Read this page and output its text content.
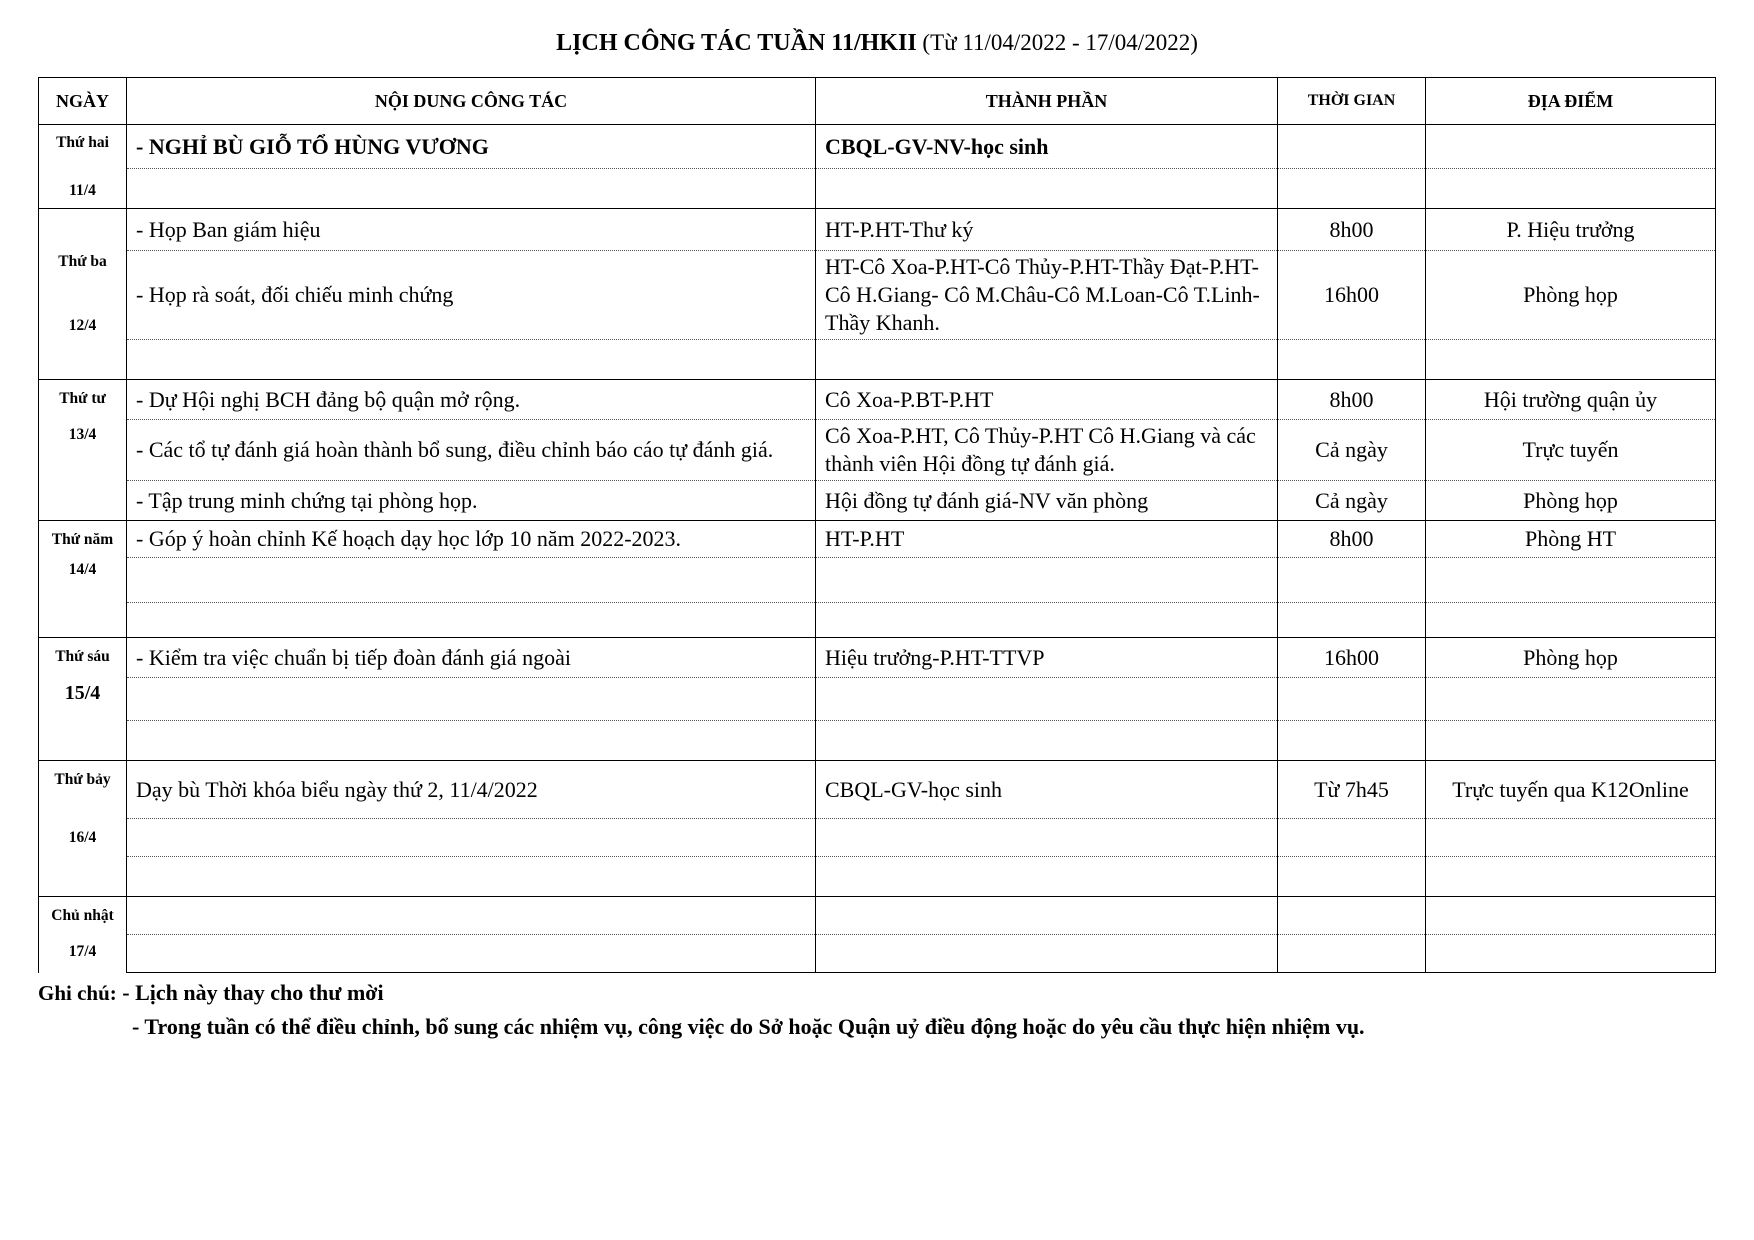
LỊCH CÔNG TÁC TUẦN 11/HKII (Từ 11/04/2022 - 17/04/2022)
NGÀY	NỘI DUNG CÔNG TÁC	THÀNH PHẦN	THỜI GIAN	ĐỊA ĐIỂM

Thứ hai
11/4	- NGHỈ BÙ GIỖ TỔ HÙNG VƯƠNG	CBQL-GV-NV-học sinh		

Thứ ba
12/4	- Họp Ban giám hiệu	HT-P.HT-Thư ký	8h00	P. Hiệu trưởng
	- Họp rà soát, đối chiếu minh chứng	HT-Cô Xoa-P.HT-Cô Thủy-P.HT-Thầy Đạt-P.HT-Cô H.Giang- Cô M.Châu-Cô M.Loan-Cô T.Linh-Thầy Khanh.	16h00	Phòng họp

Thứ tư
13/4	- Dự Hội nghị BCH đảng bộ quận mở rộng.	Cô Xoa-P.BT-P.HT	8h00	Hội trường quận ủy
	- Các tổ tự đánh giá hoàn thành bổ sung, điều chỉnh báo cáo tự đánh giá.	Cô Xoa-P.HT, Cô Thủy-P.HT Cô H.Giang và các thành viên Hội đồng tự đánh giá.	Cả ngày	Trực tuyến
	- Tập trung minh chứng tại phòng họp.	Hội đồng tự đánh giá-NV văn phòng	Cả ngày	Phòng họp

Thứ năm
14/4	- Góp ý hoàn chỉnh Kế hoạch dạy học lớp 10 năm 2022-2023.	HT-P.HT	8h00	Phòng HT

Thứ sáu
15/4	- Kiểm tra việc chuẩn bị tiếp đoàn đánh giá ngoài	Hiệu trưởng-P.HT-TTVP	16h00	Phòng họp

Thứ bảy
16/4	Dạy bù Thời khóa biểu ngày thứ 2, 11/4/2022	CBQL-GV-học sinh	Từ 7h45	Trực tuyến qua K12Online

Chủ nhật
17/4				

Ghi chú: - Lịch này thay cho thư mời
- Trong tuần có thể điều chỉnh, bổ sung các nhiệm vụ, công việc do Sở hoặc Quận uỷ điều động hoặc do yêu cầu thực hiện nhiệm vụ.
